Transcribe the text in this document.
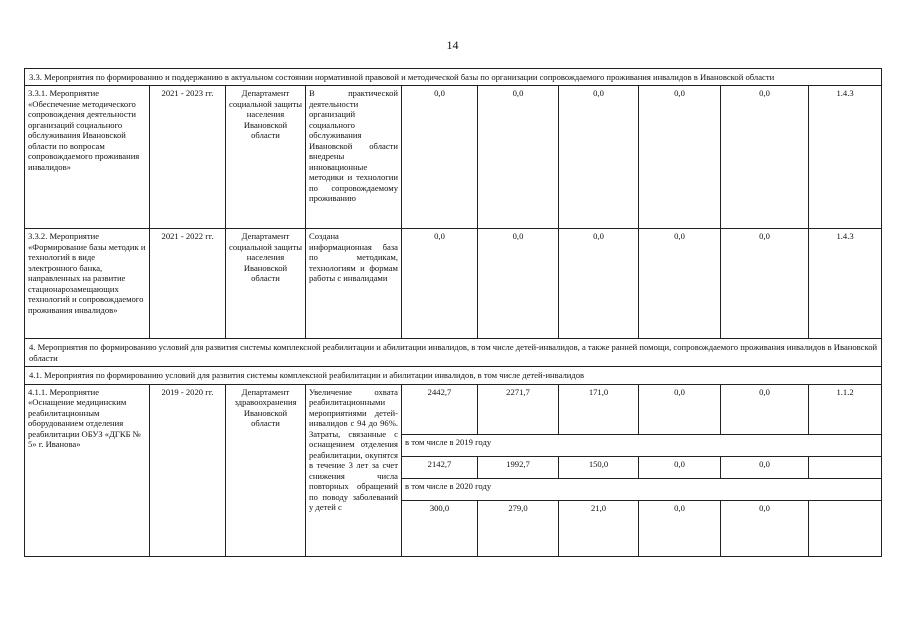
14
3.3. Мероприятия по формированию и поддержанию в актуальном состоянии нормативной правовой и методической базы по организации сопровождаемого проживания инвалидов в Ивановской области									
3.3.1. Мероприятие «Обеспечение методического сопровождения деятельности организаций социального обслуживания Ивановской области по вопросам сопровождаемого проживания инвалидов»	2021 - 2023 гг.	Департамент социальной защиты населения Ивановской области	В практической деятельности организаций социального обслуживания Ивановской области внедрены инновационные методики и технологии по сопровождаемому проживанию	0,0	0,0	0,0	0,0	0,0	1.4.3
3.3.2. Мероприятие «Формирование базы методик и технологий в виде электронного банка, направленных на развитие стационарозамещающих технологий и сопровождаемого проживания инвалидов»	2021 - 2022 гг.	Департамент социальной защиты населения Ивановской области	Создана информационная база по методикам, технологиям и формам работы с инвалидами	0,0	0,0	0,0	0,0	0,0	1.4.3
4. Мероприятия по формированию условий для развития системы комплексной реабилитации и абилитации инвалидов, в том числе детей-инвалидов, а также ранней помощи, сопровождаемого проживания инвалидов в Ивановской области									
4.1. Мероприятия по формированию условий для развития системы комплексной реабилитации и абилитации инвалидов, в том числе детей-инвалидов									
4.1.1. Мероприятие «Оснащение медицинским реабилитационным оборудованием отделения реабилитации ОБУЗ «ДГКБ № 5» г. Иванова»	2019 - 2020 гг.	Департамент здравоохранения Ивановской области	Увеличение охвата реабилитационными мероприятиями детей-инвалидов с 94 до 96%. Затраты, связанные с оснащением отделения реабилитации, окупятся в течение 3 лет за счет снижения числа повторных обращений по поводу заболеваний у детей с	2442,7	2271,7	171,0	0,0	0,0	1.1.2
				в том числе в 2019 году					
				2142,7	1992,7	150,0	0,0	0,0	
				в том числе в 2020 году					
				300,0	279,0	21,0	0,0	0,0	
